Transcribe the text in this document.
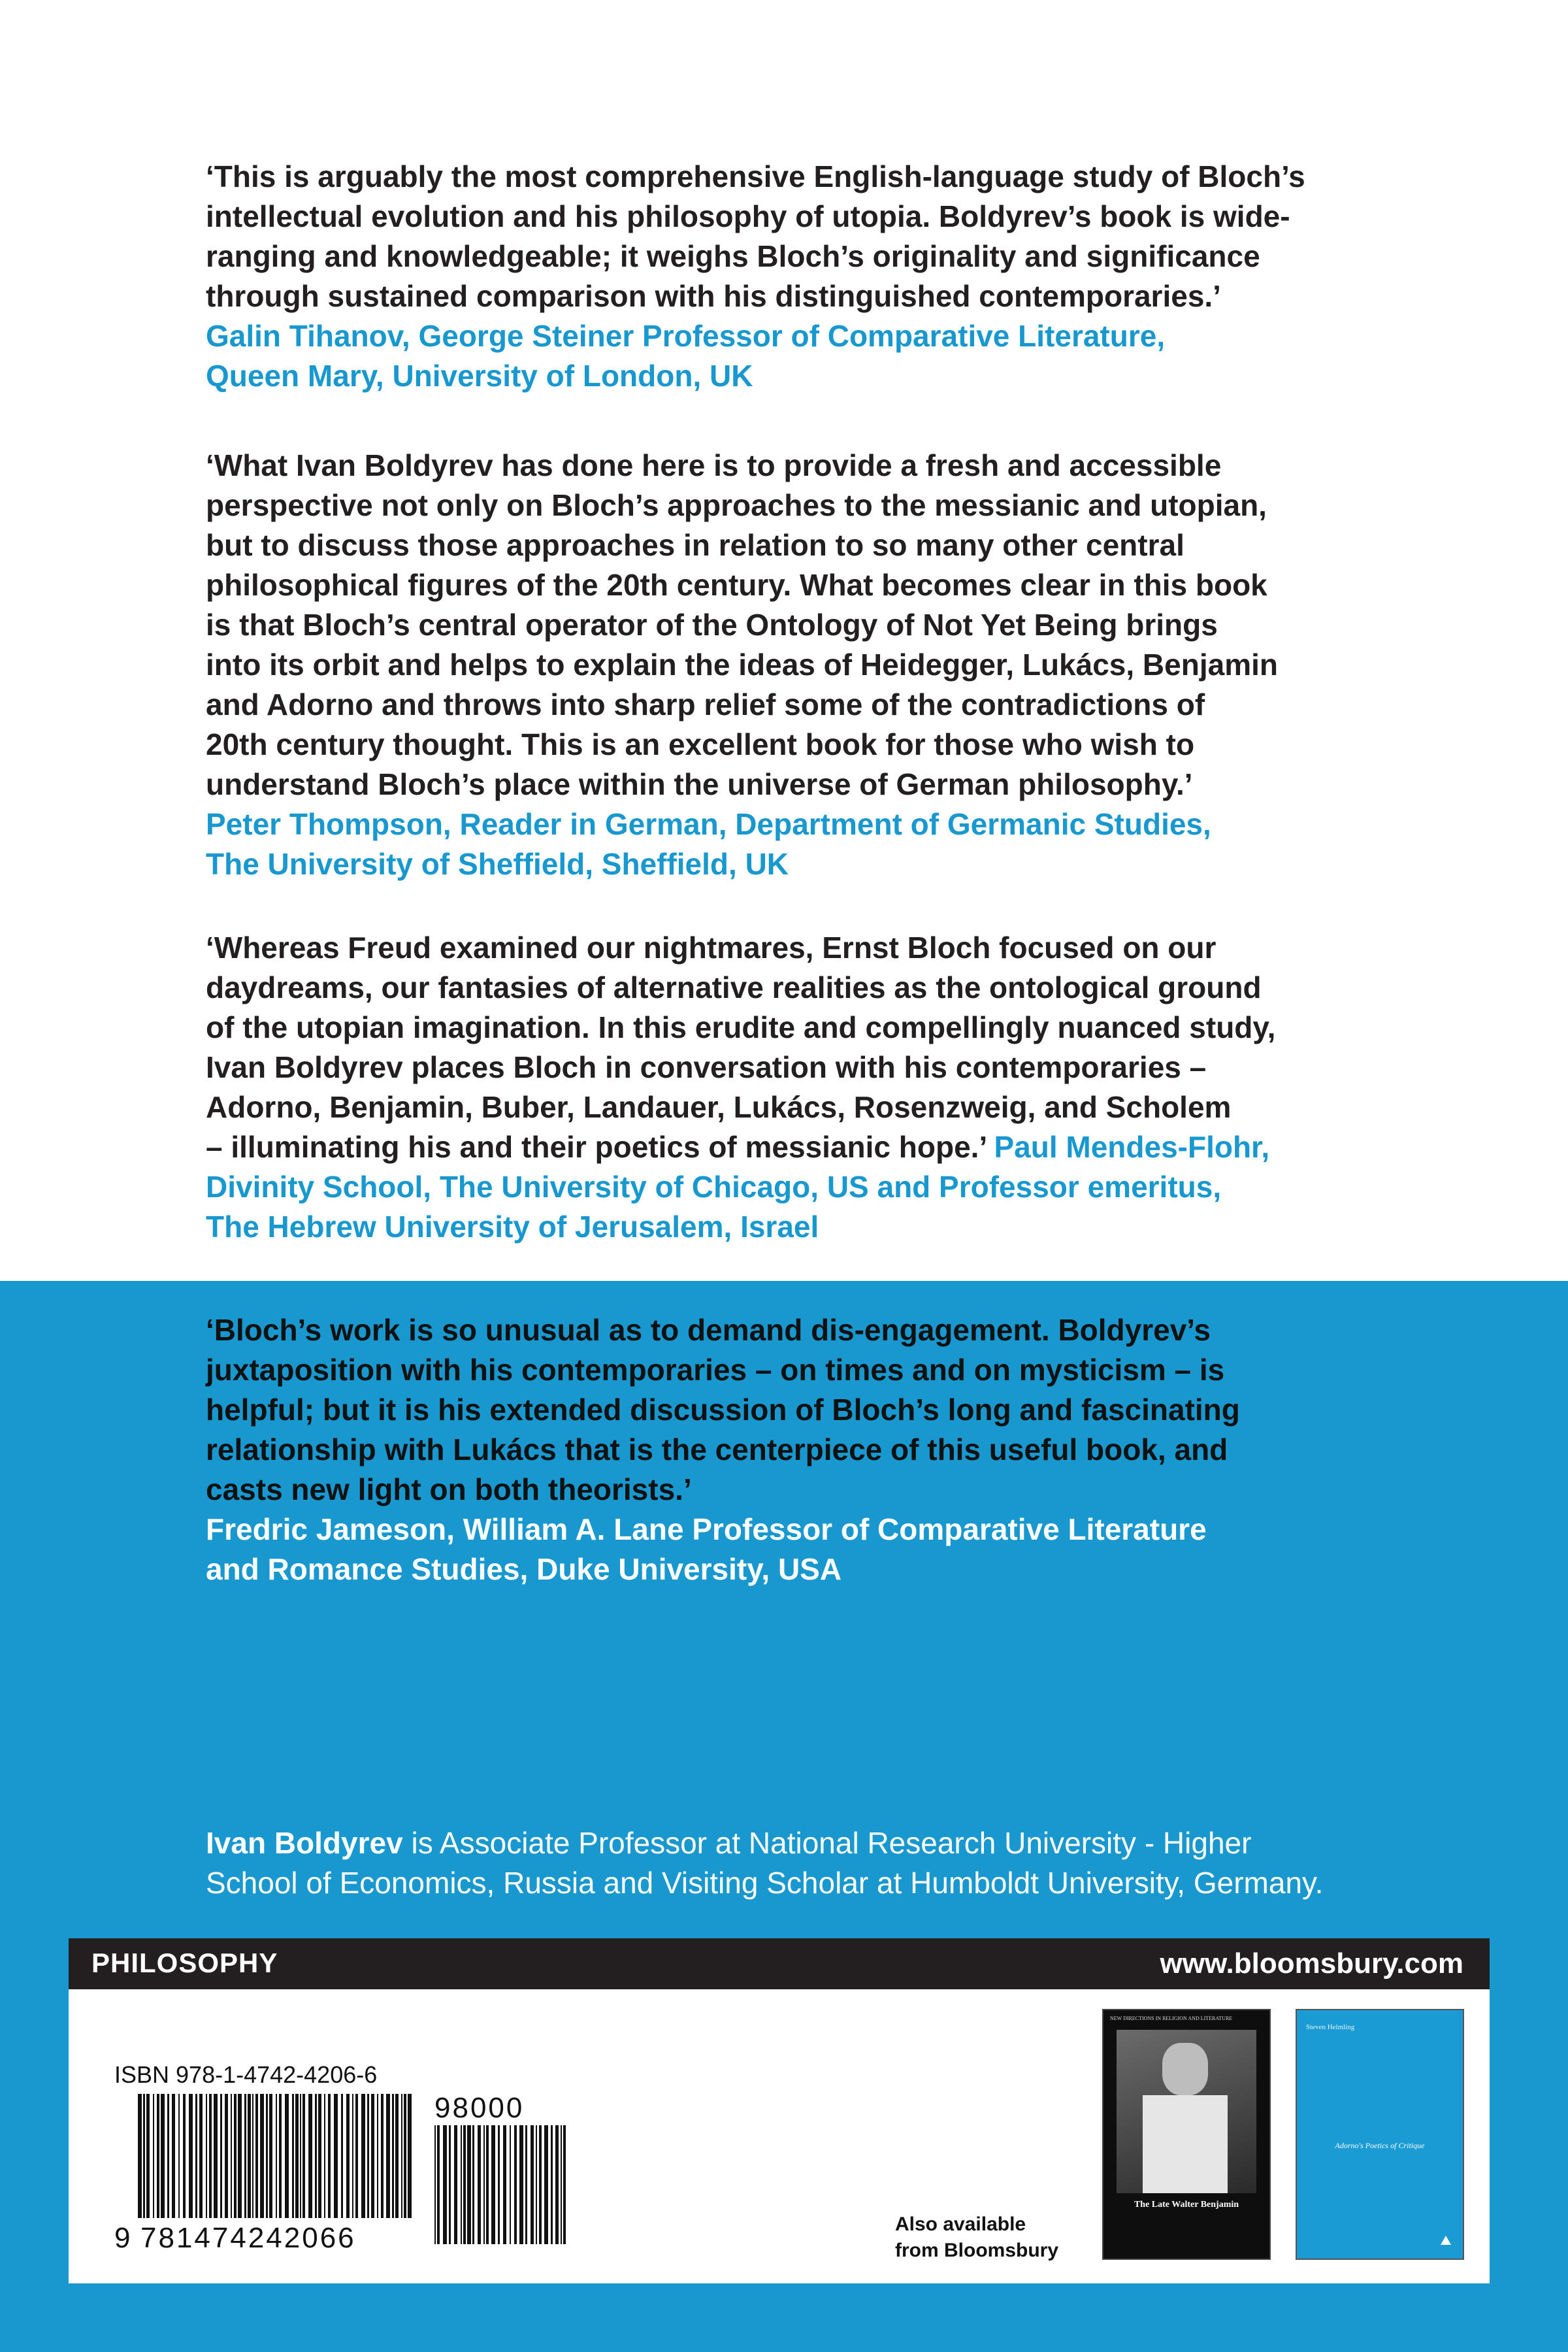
‘This is arguably the most comprehensive English-language study of Bloch’s

intellectual evolution and his philosophy of utopia. Boldyrev’s book is wide-

ranging and knowledgeable; it weighs Bloch’s originality and significance

through sustained comparison with his distinguished contemporaries.’

Galin Tihanov, George Steiner Professor of Comparative Literature,

Queen Mary, University of London, UK

‘What Ivan Boldyrev has done here is to provide a fresh and accessible

perspective not only on Bloch’s approaches to the messianic and utopian,

but to discuss those approaches in relation to so many other central

philosophical figures of the 20th century. What becomes clear in this book

is that Bloch’s central operator of the Ontology of Not Yet Being brings

into its orbit and helps to explain the ideas of Heidegger, Lukács, Benjamin

and Adorno and throws into sharp relief some of the contradictions of

20th century thought. This is an excellent book for those who wish to

understand Bloch’s place within the universe of German philosophy.’

Peter Thompson, Reader in German, Department of Germanic Studies,

The University of Sheffield, Sheffield, UK

‘Whereas Freud examined our nightmares, Ernst Bloch focused on our

daydreams, our fantasies of alternative realities as the ontological ground

of the utopian imagination. In this erudite and compellingly nuanced study,

Ivan Boldyrev places Bloch in conversation with his contemporaries –

Adorno, Benjamin, Buber, Landauer, Lukács, Rosenzweig, and Scholem

– illuminating his and their poetics of messianic hope.’ Paul Mendes-Flohr,

Divinity School, The University of Chicago, US and Professor emeritus,

The Hebrew University of Jerusalem, Israel

‘Bloch’s work is so unusual as to demand dis-engagement. Boldyrev’s

juxtaposition with his contemporaries – on times and on mysticism – is

helpful; but it is his extended discussion of Bloch’s long and fascinating

relationship with Lukács that is the centerpiece of this useful book, and

casts new light on both theorists.’

Fredric Jameson, William A. Lane Professor of Comparative Literature

and Romance Studies, Duke University, USA

Ivan Boldyrev is Associate Professor at National Research University - Higher
School of Economics, Russia and Visiting Scholar at Humboldt University, Germany.
PHILOSOPHY	www.bloomsbury.com
ISBN 978-1-4742-4206-6
9 781474242066
98000
Also available
from Bloomsbury
NEW DIRECTIONS IN RELIGION AND LITERATURE
The Late Walter Benjamin
Steven Helmling
Adorno's Poetics of Critique
